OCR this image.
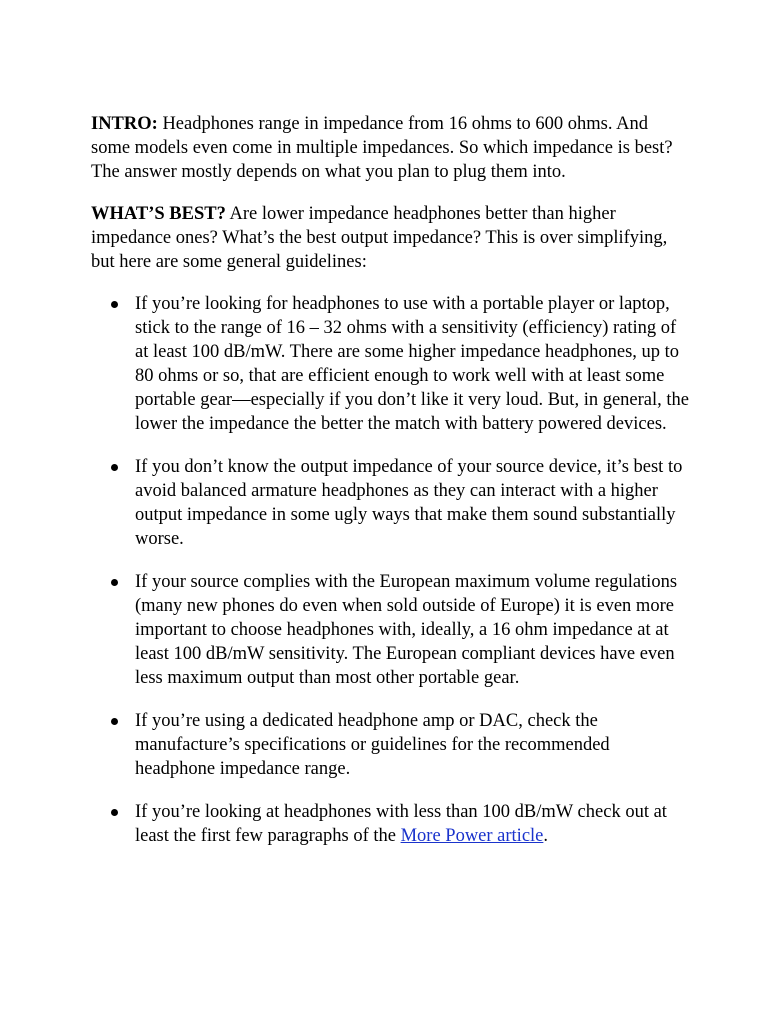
INTRO: Headphones range in impedance from 16 ohms to 600 ohms. And some models even come in multiple impedances. So which impedance is best? The answer mostly depends on what you plan to plug them into.

WHAT’S BEST? Are lower impedance headphones better than higher impedance ones? What’s the best output impedance? This is over simplifying, but here are some general guidelines:

If you’re looking for headphones to use with a portable player or laptop, stick to the range of 16 – 32 ohms with a sensitivity (efficiency) rating of at least 100 dB/mW. There are some higher impedance headphones, up to 80 ohms or so, that are efficient enough to work well with at least some portable gear—especially if you don’t like it very loud. But, in general, the lower the impedance the better the match with battery powered devices.
If you don’t know the output impedance of your source device, it’s best to avoid balanced armature headphones as they can interact with a higher output impedance in some ugly ways that make them sound substantially worse.
If your source complies with the European maximum volume regulations (many new phones do even when sold outside of Europe) it is even more important to choose headphones with, ideally, a 16 ohm impedance at at least 100 dB/mW sensitivity. The European compliant devices have even less maximum output than most other portable gear.
If you’re using a dedicated headphone amp or DAC, check the manufacture’s specifications or guidelines for the recommended headphone impedance range.
If you’re looking at headphones with less than 100 dB/mW check out at least the first few paragraphs of the More Power article.
